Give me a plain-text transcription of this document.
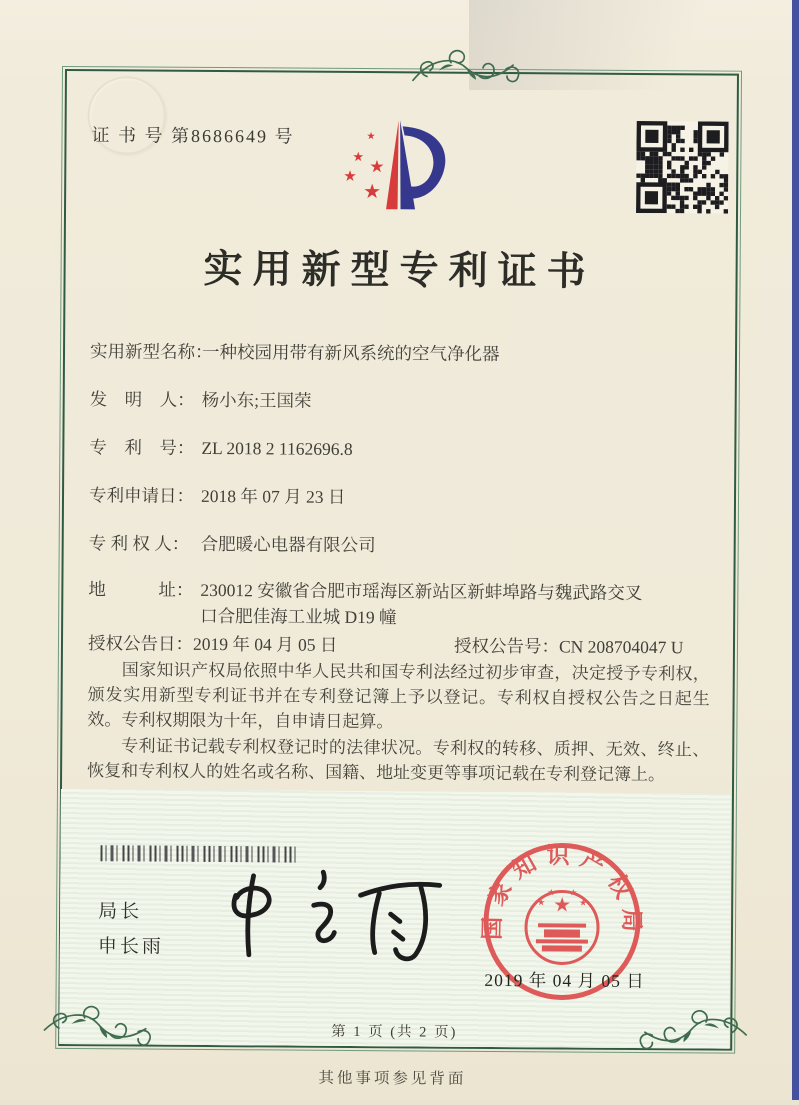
证 书 号 第8686649 号	★
★
★
★
★
实用新型专利证书
实用新型名称：
一种校园用带有新风系统的空气净化器
发　明　人： 杨小东;王国荣
专　利　号： ZL 2018 2 1162696.8
专利申请日： 2018 年 07 月 23 日
专 利 权 人： 合肥暖心电器有限公司
地　　　址： 230012 安徽省合肥市瑶海区新站区新蚌埠路与魏武路交叉口合肥佳海工业城 D19 幢
授权公告日：2019 年 04 月 05 日	授权公告号：CN 208704047 U

国家知识产权局依照中华人民共和国专利法经过初步审查，决定授予专利权，颁发实用新型专利证书并在专利登记簿上予以登记。专利权自授权公告之日起生效。专利权期限为十年，自申请日起算。

专利证书记载专利权登记时的法律状况。专利权的转移、质押、无效、终止、恢复和专利权人的姓名或名称、国籍、地址变更等事项记载在专利登记簿上。

局长
申长雨
国家知识产权局
★
★
★ ★
★
2019 年 04 月 05 日
第 1 页 (共 2 页)
其他事项参见背面
